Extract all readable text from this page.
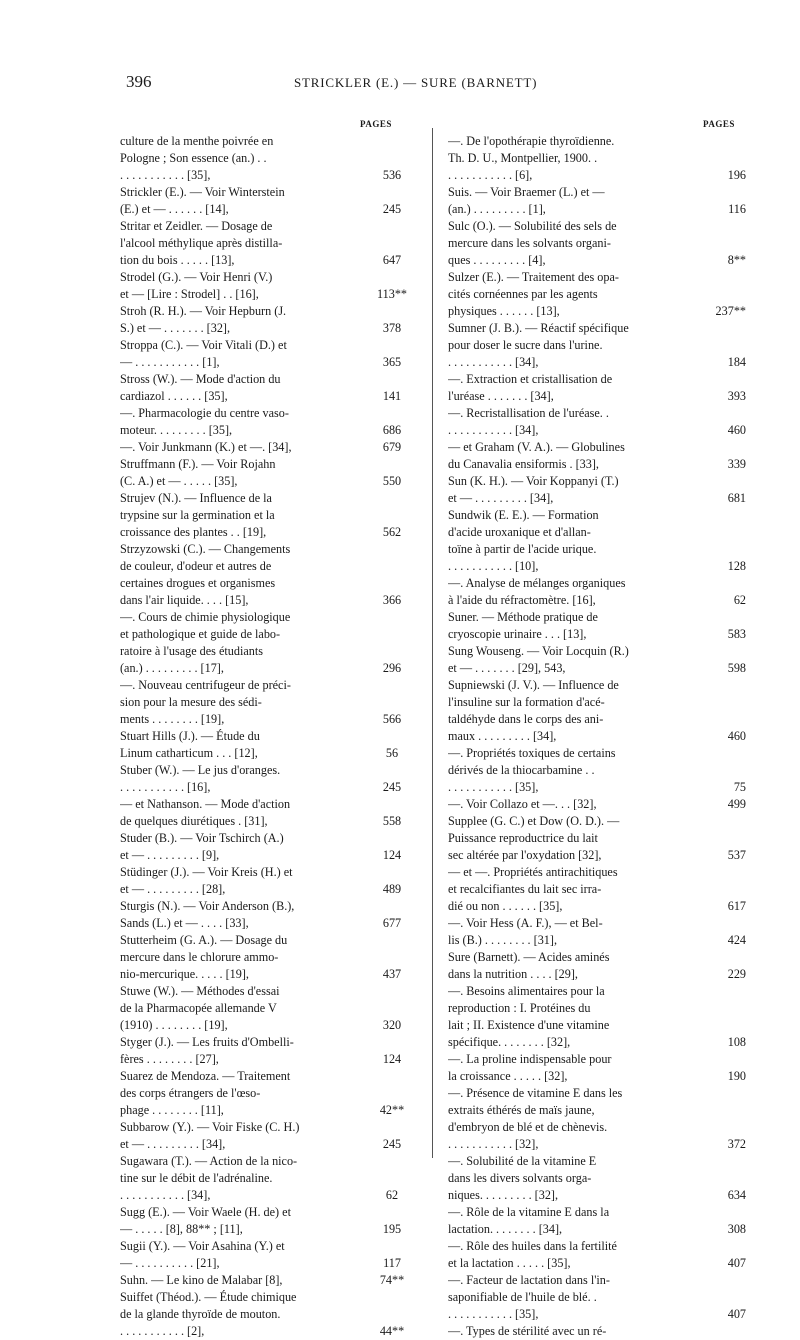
396	STRICKLER (E.) — SURE (BARNETT)
PAGES	PAGES
culture de la menthe poivrée en
Pologne ; Son essence (an.) . .
. . . . . . . . . . . [35],	536
Strickler (E.). — Voir Winterstein
(E.) et — . . . . . . [14],	245
Stritar et Zeidler. — Dosage de
l'alcool méthylique après distilla-
tion du bois . . . . . [13],	647
Strodel (G.). — Voir Henri (V.)
et — [Lire : Strodel] . . [16],	113**
Stroh (R. H.). — Voir Hepburn (J.
S.) et — . . . . . . . [32],	378
Stroppa (C.). — Voir Vitali (D.) et
— . . . . . . . . . . . [1],	365
Stross (W.). — Mode d'action du
cardiazol . . . . . . [35],	141
—. Pharmacologie du centre vaso-
moteur. . . . . . . . . [35],	686
—. Voir Junkmann (K.) et —. [34],	679
Struffmann (F.). — Voir Rojahn
(C. A.) et — . . . . . [35],	550
Strujev (N.). — Influence de la
trypsine sur la germination et la
croissance des plantes . . [19],	562
Strzyzowski (C.). — Changements
de couleur, d'odeur et autres de
certaines drogues et organismes
dans l'air liquide. . . . [15],	366
—. Cours de chimie physiologique
et pathologique et guide de labo-
ratoire à l'usage des étudiants
(an.) . . . . . . . . . [17],	296
—. Nouveau centrifugeur de préci-
sion pour la mesure des sédi-
ments . . . . . . . . [19],	566
Stuart Hills (J.). — Étude du
Linum catharticum . . . [12],	56
Stuber (W.). — Le jus d'oranges.
. . . . . . . . . . . [16],	245
— et Nathanson. — Mode d'action
de quelques diurétiques . [31],	558
Studer (B.). — Voir Tschirch (A.)
et — . . . . . . . . . [9],	124
Stüdinger (J.). — Voir Kreis (H.) et
et — . . . . . . . . . [28],	489
Sturgis (N.). — Voir Anderson (B.),
Sands (L.) et — . . . . [33],	677
Stutterheim (G. A.). — Dosage du
mercure dans le chlorure ammo-
nio-mercurique. . . . . [19],	437
Stuwe (W.). — Méthodes d'essai
de la Pharmacopée allemande V
(1910) . . . . . . . . [19],	320
Styger (J.). — Les fruits d'Ombelli-
fères . . . . . . . . [27],	124
Suarez de Mendoza. — Traitement
des corps étrangers de l'œso-
phage . . . . . . . . [11],	42**
Subbarow (Y.). — Voir Fiske (C. H.)
et — . . . . . . . . . [34],	245
Sugawara (T.). — Action de la nico-
tine sur le débit de l'adrénaline.
. . . . . . . . . . . [34],	62
Sugg (E.). — Voir Waele (H. de) et
— . . . . . [8], 88** ; [11],	195
Sugii (Y.). — Voir Asahina (Y.) et
— . . . . . . . . . . [21],	117
Suhn. — Le kino de Malabar [8],	74**
Suiffet (Théod.). — Étude chimique
de la glande thyroïde de mouton.
. . . . . . . . . . . [2],	44**
—. De l'opothérapie thyroïdienne.
Th. D. U., Montpellier, 1900. .
. . . . . . . . . . . [6],	196
Suis. — Voir Braemer (L.) et —
(an.) . . . . . . . . . [1],	116
Sulc (O.). — Solubilité des sels de
mercure dans les solvants organi-
ques . . . . . . . . . [4],	8**
Sulzer (E.). — Traitement des opa-
cités cornéennes par les agents
physiques . . . . . . [13],	237**
Sumner (J. B.). — Réactif spécifique
pour doser le sucre dans l'urine.
. . . . . . . . . . . [34],	184
—. Extraction et cristallisation de
l'uréase . . . . . . . [34],	393
—. Recristallisation de l'uréase. .
. . . . . . . . . . . [34],	460
— et Graham (V. A.). — Globulines
du Canavalia ensiformis . [33],	339
Sun (K. H.). — Voir Koppanyi (T.)
et — . . . . . . . . . [34],	681
Sundwik (E. E.). — Formation
d'acide uroxanique et d'allan-
toïne à partir de l'acide urique.
. . . . . . . . . . . [10],	128
—. Analyse de mélanges organiques
à l'aide du réfractomètre. [16],	62
Suner. — Méthode pratique de
cryoscopie urinaire . . . [13],	583
Sung Wouseng. — Voir Locquin (R.)
et — . . . . . . . [29], 543,	598
Supniewski (J. V.). — Influence de
l'insuline sur la formation d'acé-
taldéhyde dans le corps des ani-
maux . . . . . . . . . [34],	460
—. Propriétés toxiques de certains
dérivés de la thiocarbamine . .
. . . . . . . . . . . [35],	75
—. Voir Collazo et —. . . [32],	499
Supplee (G. C.) et Dow (O. D.). —
Puissance reproductrice du lait
sec altérée par l'oxydation [32],	537
— et —. Propriétés antirachitiques
et recalcifiantes du lait sec irra-
dié ou non . . . . . . [35],	617
—. Voir Hess (A. F.), — et Bel-
lis (B.) . . . . . . . . [31],	424
Sure (Barnett). — Acides aminés
dans la nutrition . . . . [29],	229
—. Besoins alimentaires pour la
reproduction : I. Protéines du
lait ; II. Existence d'une vitamine
spécifique. . . . . . . . [32],	108
—. La proline indispensable pour
la croissance . . . . . [32],	190
—. Présence de vitamine E dans les
extraits éthérés de maïs jaune,
d'embryon de blé et de chènevis.
. . . . . . . . . . . [32],	372
—. Solubilité de la vitamine E
dans les divers solvants orga-
niques. . . . . . . . . [32],	634
—. Rôle de la vitamine E dans la
lactation. . . . . . . . [34],	308
—. Rôle des huiles dans la fertilité
et la lactation . . . . . [35],	407
—. Facteur de lactation dans l'in-
saponifiable de l'huile de blé. .
. . . . . . . . . . . [35],	407
—. Types de stérilité avec un ré-
